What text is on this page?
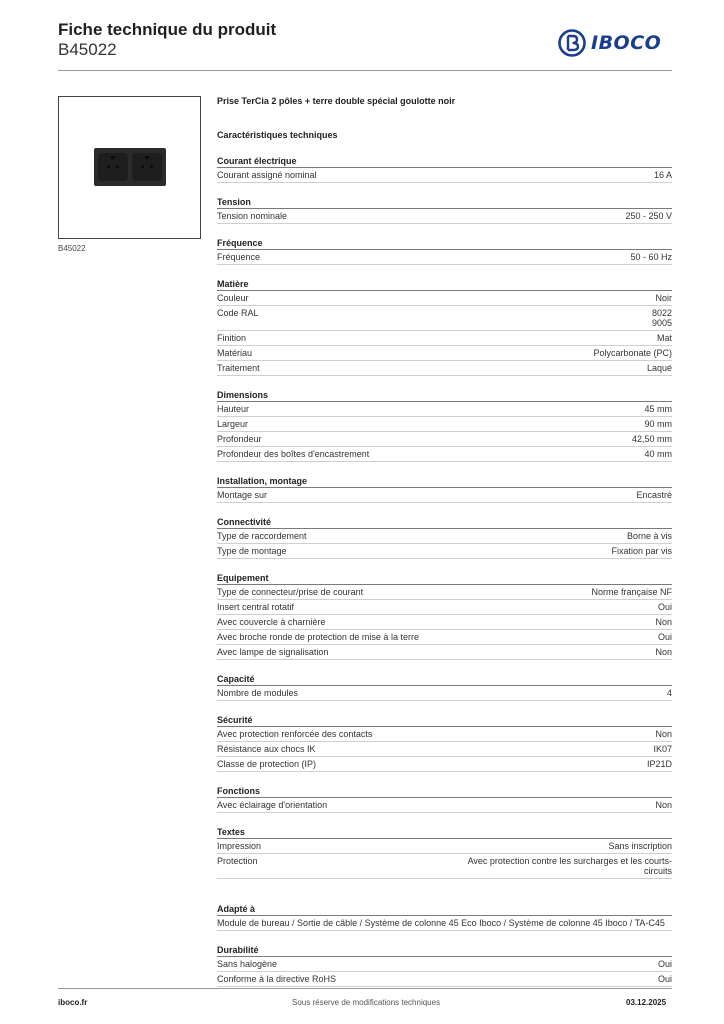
Fiche technique du produit
B45022	IBOCO
B45022
Prise TerCia 2 pôles + terre double spécial goulotte noir
Caractéristiques techniques
Courant électrique
Courant assigné nominal	16 A
Tension
Tension nominale	250 - 250 V
Fréquence
Fréquence	50 - 60 Hz
Matière
Couleur	Noir
Code RAL	8022
9005
Finition	Mat
Matériau	Polycarbonate (PC)
Traitement	Laqué
Dimensions
Hauteur	45 mm
Largeur	90 mm
Profondeur	42,50 mm
Profondeur des boîtes d'encastrement	40 mm
Installation, montage
Montage sur	Encastré
Connectivité
Type de raccordement	Borne à vis
Type de montage	Fixation par vis
Equipement
Type de connecteur/prise de courant	Norme française NF
Insert central rotatif	Oui
Avec couvercle à charnière	Non
Avec broche ronde de protection de mise à la terre	Oui
Avec lampe de signalisation	Non
Capacité
Nombre de modules	4
Sécurité
Avec protection renforcée des contacts	Non
Résistance aux chocs IK	IK07
Classe de protection (IP)	IP21D
Fonctions
Avec éclairage d'orientation	Non
Textes
Impression	Sans inscription
Protection	Avec protection contre les surcharges et les courts-
circuits
Adapté à
Module de bureau / Sortie de câble / Système de colonne 45 Eco Iboco / Système de colonne 45 Iboco / TA-C45
Durabilité
Sans halogène	Oui
Conforme à la directive RoHS	Oui
iboco.fr	Sous réserve de modifications techniques	03.12.2025
